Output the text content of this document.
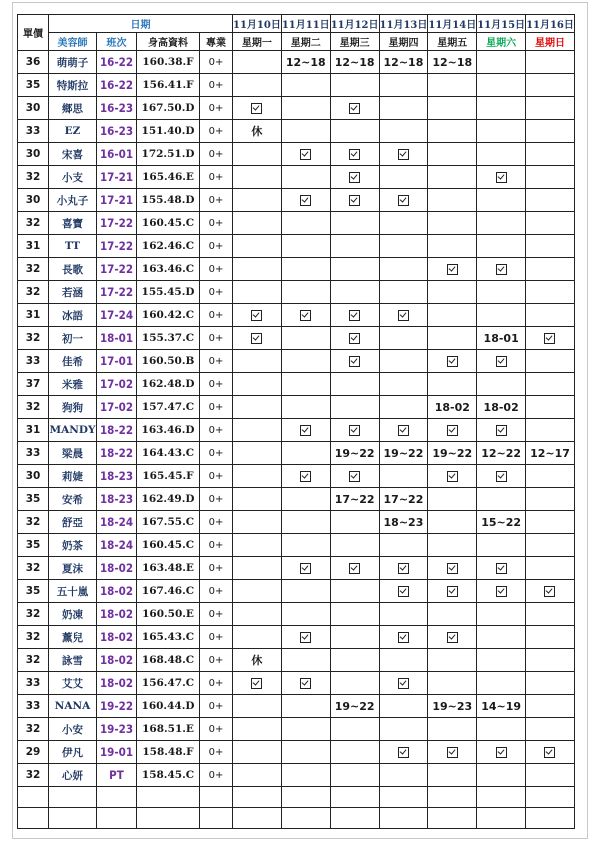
單價	日期				11月10日	11月11日	11月12日	11月13日	11月14日	11月15日	11月16日
	美容師	班次	身高資料	專業	星期一	星期二	星期三	星期四	星期五	星期六	星期日
36	萌萌子	16-22	160.38.F	0+		12~18	12~18	12~18	12~18		
35	特斯拉	16-22	156.41.F	0+							
30	鄉思	16-23	167.50.D	0+							
33	EZ	16-23	151.40.D	0+	休						
30	宋喜	16-01	172.51.D	0+							
32	小支	17-21	165.46.E	0+							
30	小丸子	17-21	155.48.D	0+							
32	喜寶	17-22	160.45.C	0+							
31	TT	17-22	162.46.C	0+							
32	長歌	17-22	163.46.C	0+							
32	若涵	17-22	155.45.D	0+							
31	冰語	17-24	160.42.C	0+							
32	初一	18-01	155.37.C	0+						18-01	
33	佳希	17-01	160.50.B	0+							
37	米雅	17-02	162.48.D	0+							
32	狗狗	17-02	157.47.C	0+					18-02	18-02	
31	MANDY	18-22	163.46.D	0+							
33	梁晨	18-22	164.43.C	0+			19~22	19~22	19~22	12~22	12~17
30	莉婕	18-23	165.45.F	0+							
35	安希	18-23	162.49.D	0+			17~22	17~22			
32	舒亞	18-24	167.55.C	0+				18~23		15~22	
35	奶茶	18-24	160.45.C	0+							
32	夏沫	18-02	163.48.E	0+							
35	五十嵐	18-02	167.46.C	0+							
32	奶凍	18-02	160.50.E	0+							
32	薰兒	18-02	165.43.C	0+							
32	詠雪	18-02	168.48.C	0+	休						
33	艾艾	18-02	156.47.C	0+							
33	NANA	19-22	160.44.D	0+			19~22		19~23	14~19	
32	小安	19-23	168.51.E	0+							
29	伊凡	19-01	158.48.F	0+							
32	心妍	PT	158.45.C	0+							
